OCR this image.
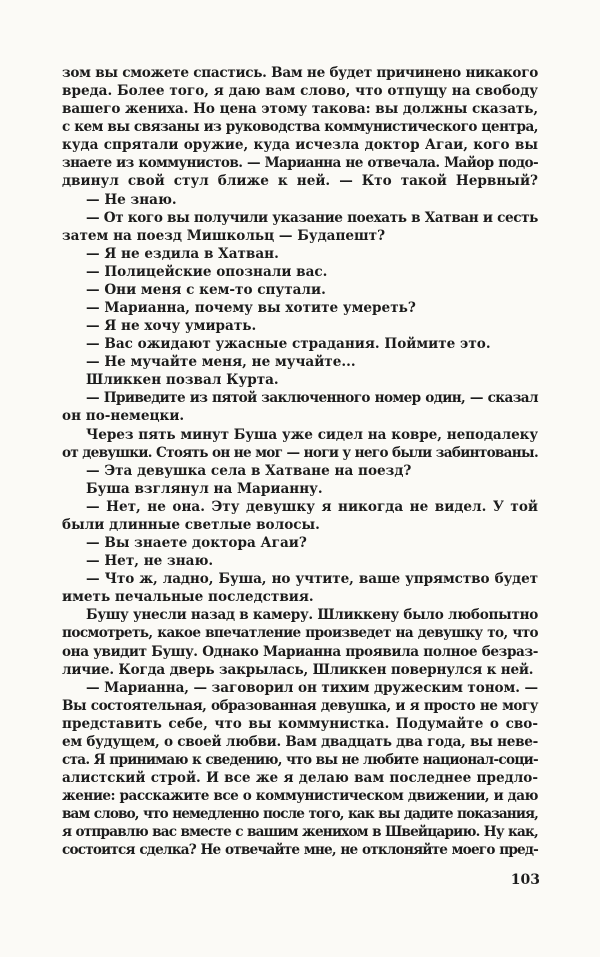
зом вы сможете спастись. Вам не будет причинено никакого
вреда. Более того, я даю вам слово, что отпущу на свободу
вашего жениха. Но цена этому такова: вы должны сказать,
с кем вы связаны из руководства коммунистического центра,
куда спрятали оружие, куда исчезла доктор Агаи, кого вы
знаете из коммунистов. — Марианна не отвечала. Майор подо-
двинул свой стул ближе к ней. — Кто такой Нервный?
— Не знаю.
— От кого вы получили указание поехать в Хатван и сесть
затем на поезд Мишкольц — Будапешт?
— Я не ездила в Хатван.
— Полицейские опознали вас.
— Они меня с кем-то спутали.
— Марианна, почему вы хотите умереть?
— Я не хочу умирать.
— Вас ожидают ужасные страдания. Поймите это.
— Не мучайте меня, не мучайте...
Шликкен позвал Курта.
— Приведите из пятой заключенного номер один, — сказал
он по-немецки.
Через пять минут Буша уже сидел на ковре, неподалеку
от девушки. Стоять он не мог — ноги у него были забинтованы.
— Эта девушка села в Хатване на поезд?
Буша взглянул на Марианну.
— Нет, не она. Эту девушку я никогда не видел. У той
были длинные светлые волосы.
— Вы знаете доктора Агаи?
— Нет, не знаю.
— Что ж, ладно, Буша, но учтите, ваше упрямство будет
иметь печальные последствия.
Бушу унесли назад в камеру. Шликкену было любопытно
посмотреть, какое впечатление произведет на девушку то, что
она увидит Бушу. Однако Марианна проявила полное безраз-
личие. Когда дверь закрылась, Шликкен повернулся к ней.
— Марианна, — заговорил он тихим дружеским тоном. —
Вы состоятельная, образованная девушка, и я просто не могу
представить себе, что вы коммунистка. Подумайте о сво-
ем будущем, о своей любви. Вам двадцать два года, вы неве-
ста. Я принимаю к сведению, что вы не любите национал-соци-
алистский строй. И все же я делаю вам последнее предло-
жение: расскажите все о коммунистическом движении, и даю
вам слово, что немедленно после того, как вы дадите показания,
я отправлю вас вместе с вашим женихом в Швейцарию. Ну как,
состоится сделка? Не отвечайте мне, не отклоняйте моего пред-
103
